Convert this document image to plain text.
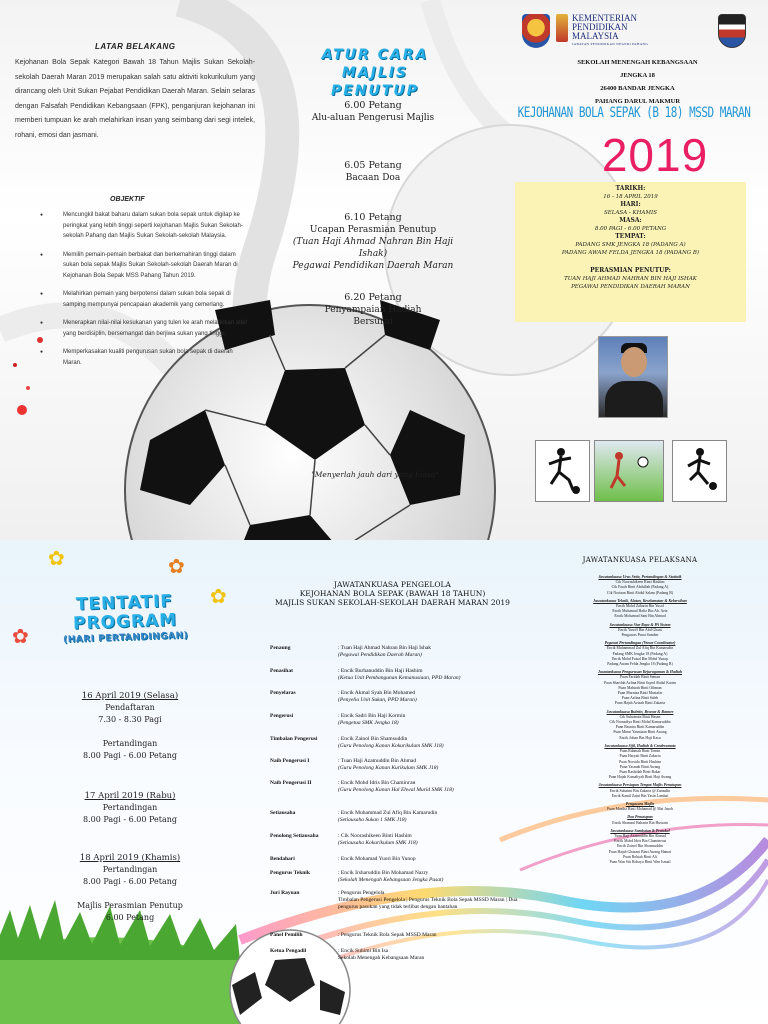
LATAR BELAKANG
Kejohanan Bola Sepak Kategori Bawah 18 Tahun Majlis Sukan Sekolah-sekolah Daerah Maran 2019 merupakan salah satu aktiviti kokurikulum yang dirancang oleh Unit Sukan Pejabat Pendidikan Daerah Maran. Selain selaras dengan Falsafah Pendidikan Kebangsaan (FPK), penganjuran kejohanan ini memberi tumpuan ke arah melahirkan insan yang seimbang dari segi intelek, rohani, emosi dan jasmani.
OBJEKTIF
● Mencungkil bakat baharu dalam sukan bola sepak untuk digilap ke peringkat yang lebih tinggi seperti kejohanan Majlis Sukan Sekolah-sekolah Pahang dan Majlis Sukan Sekolah-sekolah Malaysia.
● Memilih pemain-pemain berbakat dan berkemahiran tinggi dalam sukan bola sepak Majlis Sukan Sekolah-sekolah Daerah Maran di Kejohanan Bola Sepak MSS Pahang Tahun 2019.
● Melahirkan pemain yang berpotensi dalam sukan bola sepak di samping mempunyai pencapaian akademik yang cemerlang.
● Menerapkan nilai-nilai kesukanan yang tulen ke arah melahirkan atlet yang berdisiplin, bersemangat dan berjiwa sukan yang tinggi.
● Memperkasakan kualiti pengurusan sukan bola sepak di daerah Maran.
ATUR CARA
MAJLIS PENUTUP
6.00 Petang
Alu-aluan Pengerusi Majlis
6.05 Petang
Bacaan Doa
6.10 Petang
Ucapan Perasmian Penutup
(Tuan Haji Ahmad Nahran Bin Haji Ishak)
Pegawai Pendidikan Daerah Maran
6.20 Petang
Penyampaian Hadiah
Bersurai
"Menyerlah jauh dari yang biasa"
KEMENTERIAN
PENDIDIKAN
MALAYSIA
JABATAN PENDIDIKAN NEGERI PAHANG
SEKOLAH MENENGAH KEBANGSAAN
JENGKA 18
26400 BANDAR JENGKA
PAHANG DARUL MAKMUR
KEJOHANAN BOLA SEPAK (B 18) MSSD MARAN
2019
TARIKH:
16 - 18 APRIL 2019
HARI:
SELASA - KHAMIS
MASA:
8.00 PAGI - 6.00 PETANG
TEMPAT:
PADANG SMK JENGKA 18 (PADANG A)
PADANG AWAM FELDA JENGKA 18 (PADANG B)
PERASMIAN PENUTUP:
TUAN HAJI AHMAD NAHRAN BIN HAJI ISHAK
PEGAWAI PENDIDIKAN DAERAH MARAN
✿	✿
✿
✿
TENTATIF
PROGRAM
(HARI PERTANDINGAN)
16 April 2019 (Selasa)
Pendaftaran
7.30 - 8.30 Pagi
Pertandingan
8.00 Pagi - 6.00 Petang
17 April 2019 (Rabu)
Pertandingan
8.00 Pagi - 6.00 Petang
18 April 2019 (Khamis)
Pertandingan
8.00 Pagi - 6.00 Petang
Majlis Perasmian Penutup
6.00 Petang
JAWATANKUASA PENGELOLA
KEJOHANAN BOLA SEPAK (BAWAH 18 TAHUN)
MAJLIS SUKAN SEKOLAH-SEKOLAH DAERAH MARAN 2019
Penaung	: Tuan Haji Ahmad Nahran Bin Haji Ishak
(Pegawai Pendidikan Daerah Maran)
Penasihat	: Encik Burhanuddin Bin Haji Hashim
(Ketua Unit Pembangunan Kemanusiaan, PPD Maran)
Penyelaras	: Encik Akmal Syah Bin Mohamed
(Penyelia Unit Sukan, PPD Maran)
Pengerusi	: Encik Sadri Bin Haji Kormin
(Pengetua SMK Jengka 18)
Timbalan Pengerusi	: Encik Zainol Bin Shamsuddin
(Guru Penolong Kanan Kokurikulum SMK J18)
Naib Pengerusi I	: Tuan Haji Azamuddin Bin Ahmad
(Guru Penolong Kanan Kurikulum SMK J18)
Naib Pengerusi II	: Encik Mohd Idris Bin Chaminган
(Guru Penolong Kanan Hal Ehwal Murid SMK J18)
Setiausaha	: Encik Muhammad Zul Afiq Bin Kamarudin
(Setiausaha Sukan 1 SMK J18)
Penolong Setiausaha	: Cik Noorashikeen Binti Hashim
(Setiausaha Kokurikulum SMK J18)
Bendahari	: Encik Mohamad Yuori Bin Yunop
Pengurus Teknik	: Encik Irsharuddin Bin Mohamad Nazry
(Sekolah Menengah Kebangsaan Jengka Pusat)
Juri Rayuan	: Pengurus Pengelola
Timbalan Pengerusi Pengelola | Pengurus Teknik Bola Sepak MSSD Maran | Dua pengurus pasukan yang tidak terlibat dengan bantahan
Panel Pemilih	: Pengurus Teknik Bola Sepak MSSD Maran
Ketua Pengadil	: Encik Suhimi Bin Isa
Sekolah Menengah Kebangsaan Maran
JAWATANKUASA PELAKSANA
Jawatankuasa Urus Setia, Pertandingan & Statistik
Cik Noorashikeen Binti Hashim
Cik Farah Binti Abdullah (Padang A)
Cik Noriaan Binti Abdul Salam (Padang B)
Jawatankuasa Teknik, Alatan, Keselamatan & Kebersihan
Encik Mohd Zaharin Bin Yusof
Encik Muhamad Hafiz Bin Ab. Aziz
Encik Mohamad Sani Bin Ahmad
Jawatankuasa Siar Raya & PA Sistem
Encik Yusoff Bin Abd Ghani
Pengawas Pusat Sumber
Pegawai Pertandingan (Venue Coordinator)
Encik Muhammad Zul Afiq Bin Kamarudin
Padang SMK Jengka 18 (Padang A)
Encik Mohd Faisal Bin Mohd Yunop
Padang Awam Felda Jengka 18 (Padang B)
Jawatankuasa Pengurusan Kejurugaman & Hadiah
Puan Faridah Binti Seman
Puan Sharifah Azlina Binti Sayed Abdul Karim
Puan Mahirah Binti Othman
Puan Murniza Binti Mustafar
Puan Azlina Binti Saleh
Puan Hajah Azizah Binti Zakaria
Jawatankuasa Buletin, Bronur & Banner
Cik Suhaimita Binti Hasan
Cik Nornadiya Binti Mohd Kamaruddin
Puan Basnira Binti Kamaruddin
Puan Minni Yasmiaan Binti Awang
Encik Johan Bin Haji Kasu
Jawatankuasa Sijil, Hadiah & Cenderamata
Puan Rahmah Binti Tomin
Puan Haryati Binti Zakaria
Puan Norsida Binti Hashim
Puan Yasmah Binti Awang
Puan Rashidah Binti Bakar
Puan Hajah Kamaliyah Binti Haji Awang
Jawatankuasa Persiapan Tempat Majlis Penutupan
Encik Suhaimi Bin Zakaria @ Zainudin
Encik Kamil Zaini Bin Yasin Lambat
Pengacara Majlis
Puan Maziha Binti Mohamad @ Mat Jusoh
Doa Penutupan
Encik Shamsul Baharin Bin Hussain
Jawatankuasa Sambutan & Protokol
Tuan Haji Azamuddin Bin Ahmad
Encik Mohd Idris Bin Chaminган
Encik Zainol Bin Shamsuddin
Puan Hajah Ghazani Binti Awang Hamat
Puan Rohiah Binti Ali
Puan Wan Siti Rohayu Binti Wan Ismail
